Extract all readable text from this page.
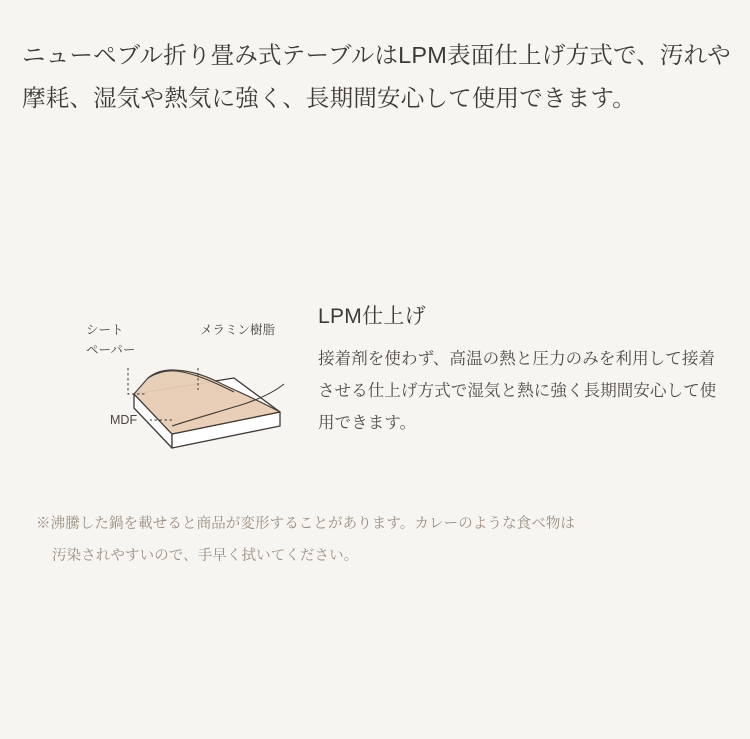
ニューペブル折り畳み式テーブルはLPM表面仕上げ方式で、汚れや摩耗、湿気や熱気に強く、長期間安心して使用できます。
シート
ペーパー
メラミン樹脂
MDF
LPM仕上げ
接着剤を使わず、高温の熱と圧力のみを利用して接着させる仕上げ方式で湿気と熱に強く長期間安心して使用できます。
※沸騰した鍋を載せると商品が変形することがあります。カレーのような食べ物は
汚染されやすいので、手早く拭いてください。
